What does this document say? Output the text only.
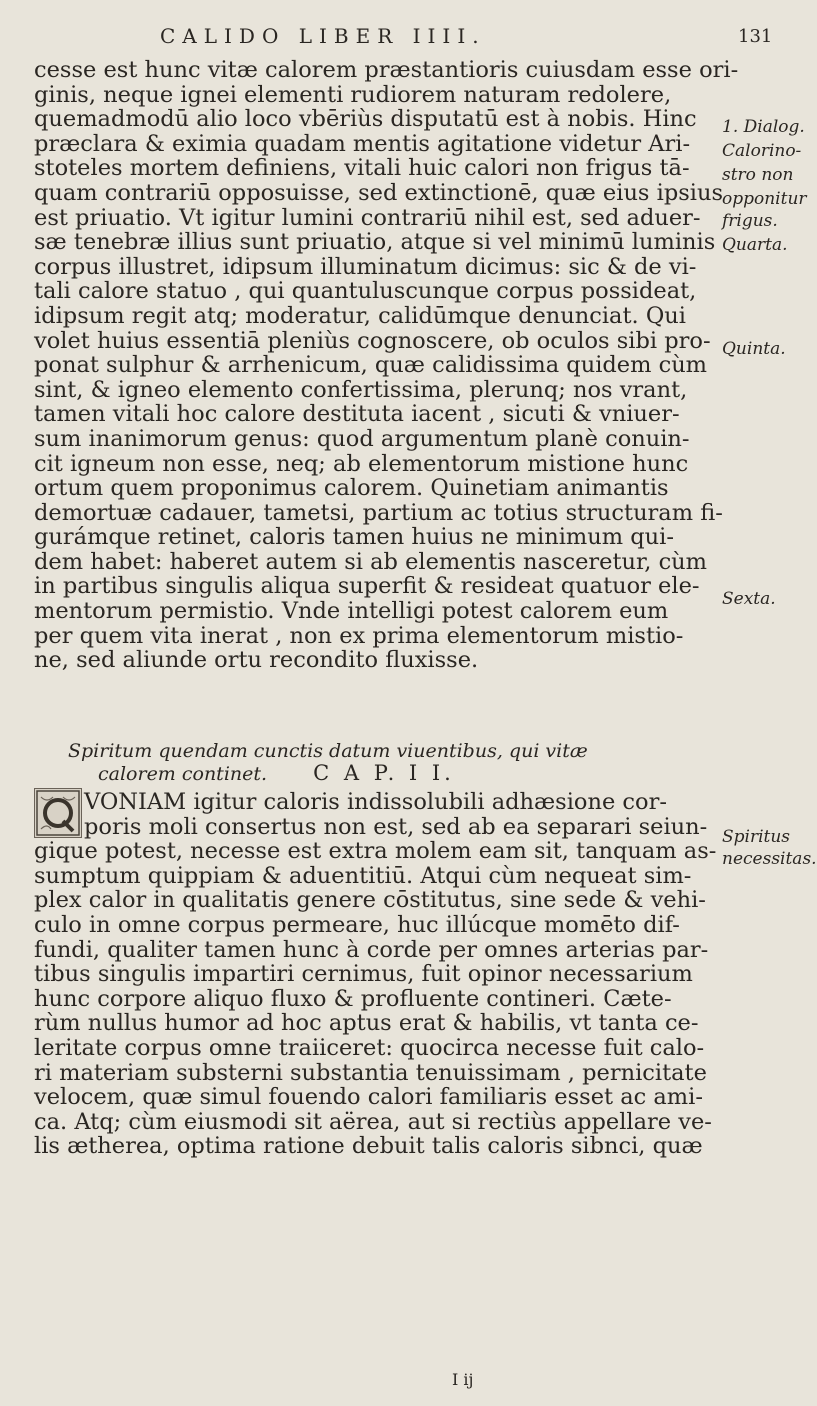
CALIDO LIBER IIII.	131
cesse est hunc vitæ calorem præstantioris cuiusdam esse ori-
ginis, neque ignei elementi rudiorem naturam redolere,
quemadmodū alio loco vbēriùs disputatū est à nobis. Hinc
præclara & eximia quadam mentis agitatione videtur Ari-
stoteles mortem definiens, vitali huic calori non frigus tā-
quam contrariū opposuisse, sed extinctionē, quæ eius ipsius
est priuatio. Vt igitur lumini contrariū nihil est, sed aduer-
sæ tenebræ illius sunt priuatio, atque si vel minimū luminis
corpus illustret, idipsum illuminatum dicimus: sic & de vi-
tali calore statuo , qui quantuluscunque corpus possideat,
idipsum regit atq; moderatur, calidūmque denunciat. Qui
volet huius essentiā pleniùs cognoscere, ob oculos sibi pro-
ponat sulphur & arrhenicum, quæ calidissima quidem cùm
sint, & igneo elemento confertissima, plerunq; nos vrant,
tamen vitali hoc calore destituta iacent , sicuti & vniuer-
sum inanimorum genus: quod argumentum planè conuin-
cit igneum non esse, neq; ab elementorum mistione hunc
ortum quem proponimus calorem. Quinetiam animantis
demortuæ cadauer, tametsi, partium ac totius structuram fi-
gurámque retinet, caloris tamen huius ne minimum qui-
dem habet: haberet autem si ab elementis nasceretur, cùm
in partibus singulis aliqua superfit & resideat quatuor ele-
mentorum permistio. Vnde intelligi potest calorem eum
per quem vita inerat , non ex prima elementorum mistio-
ne, sed aliunde ortu recondito fluxisse.
Spiritum quendam cunctis datum viuentibus, qui vitæ
calorem continet. C A P. I I.
VONIAM igitur caloris indissolubili adhæsione cor-
poris moli consertus non est, sed ab ea separari seiun-
gique potest, necesse est extra molem eam sit, tanquam as-
sumptum quippiam & aduentitiū. Atqui cùm nequeat sim-
plex calor in qualitatis genere cōstitutus, sine sede & vehi-
culo in omne corpus permeare, huc illúcque momēto dif-
fundi, qualiter tamen hunc à corde per omnes arterias par-
tibus singulis impartiri cernimus, fuit opinor necessarium
hunc corpore aliquo fluxo & profluente contineri. Cæte-
rùm nullus humor ad hoc aptus erat & habilis, vt tanta ce-
leritate corpus omne traiiceret: quocirca necesse fuit calo-
ri materiam substerni substantia tenuissimam , pernicitate
velocem, quæ simul fouendo calori familiaris esset ac ami-
ca. Atq; cùm eiusmodi sit aërea, aut si rectiùs appellare ve-
lis ætherea, optima ratione debuit talis caloris sibnci, quæ
1. Dialog.
Calorino-
stro non
opponitur
frigus.
Quarta.
Quinta.
Sexta.
Spiritus
necessitas.
I ij
